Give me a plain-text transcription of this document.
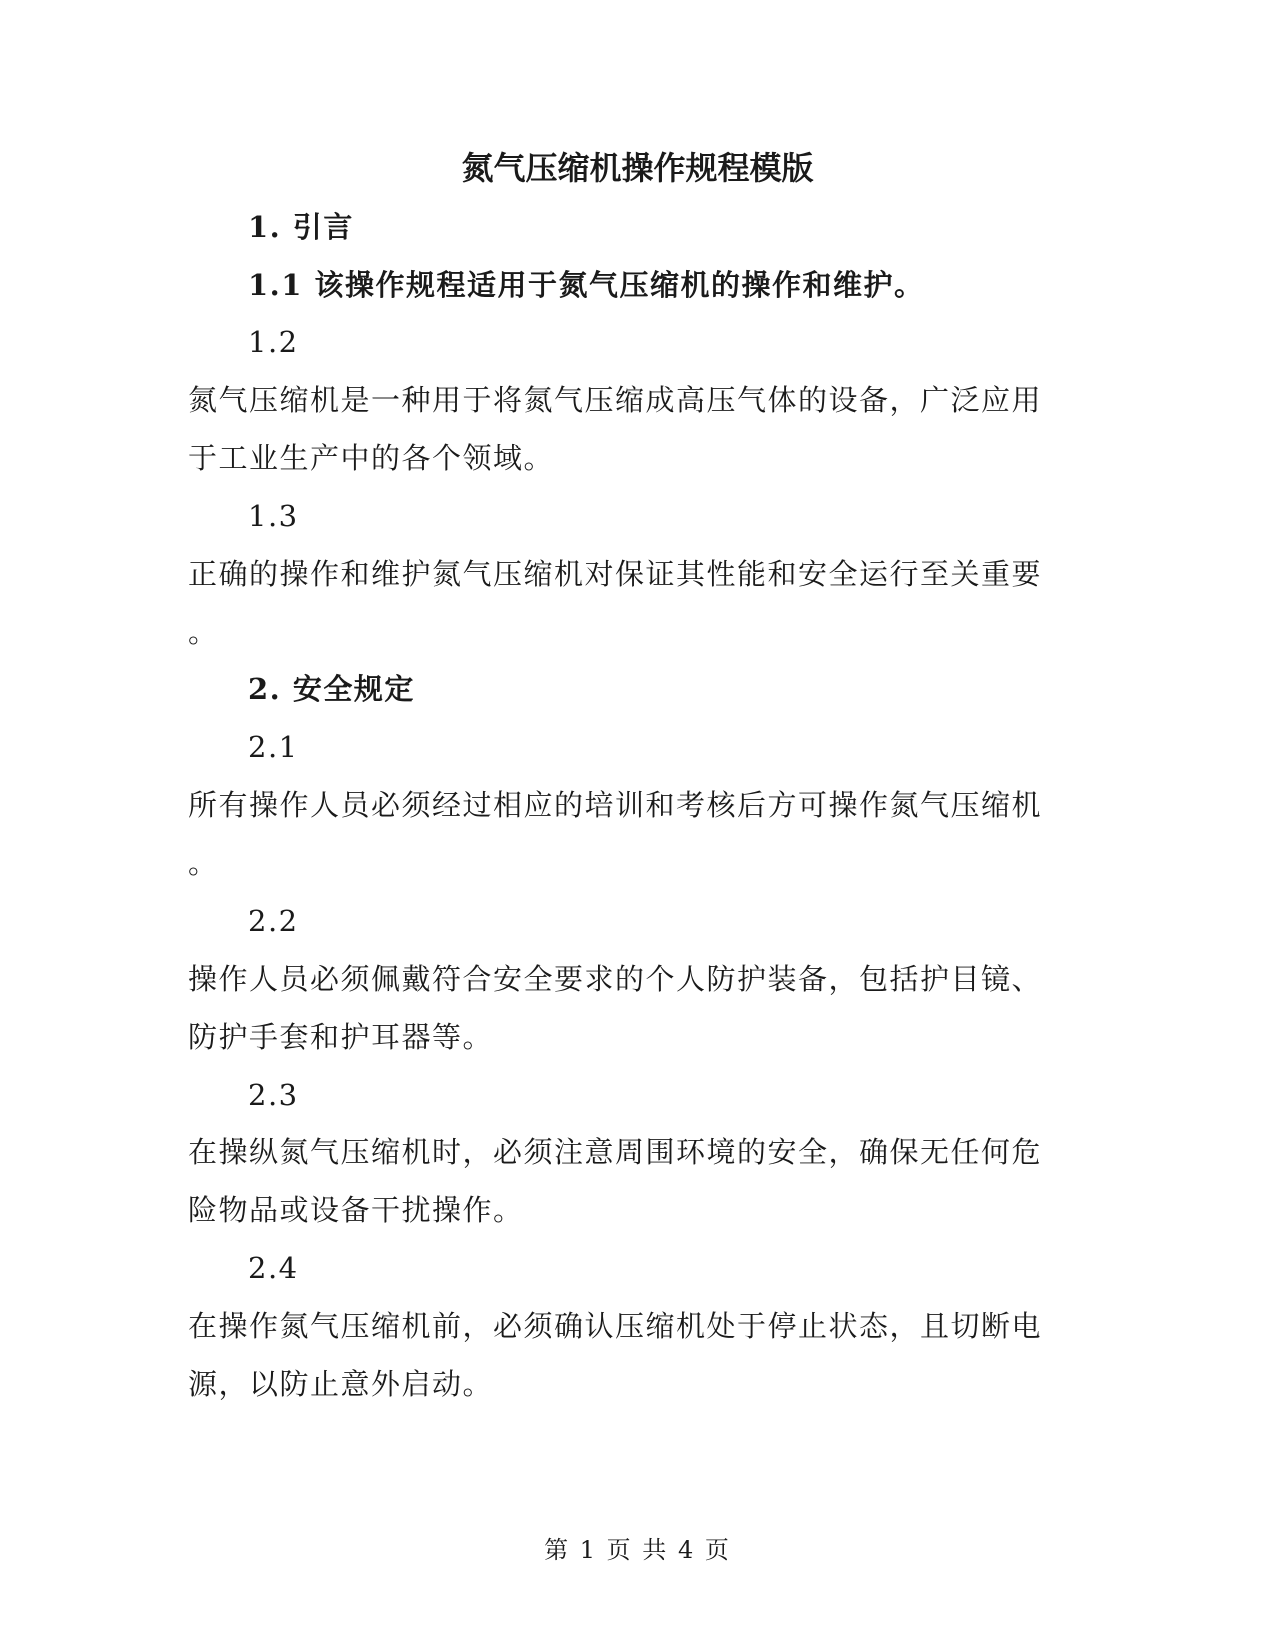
氮气压缩机操作规程模版
1. 引言
1.1 该操作规程适用于氮气压缩机的操作和维护。
1.2
氮气压缩机是一种用于将氮气压缩成高压气体的设备，广泛应用
于工业生产中的各个领域。
1.3
正确的操作和维护氮气压缩机对保证其性能和安全运行至关重要
。
2. 安全规定
2.1
所有操作人员必须经过相应的培训和考核后方可操作氮气压缩机
。
2.2
操作人员必须佩戴符合安全要求的个人防护装备，包括护目镜、
防护手套和护耳器等。
2.3
在操纵氮气压缩机时，必须注意周围环境的安全，确保无任何危
险物品或设备干扰操作。
2.4
在操作氮气压缩机前，必须确认压缩机处于停止状态，且切断电
源，以防止意外启动。
第 1 页 共 4 页
